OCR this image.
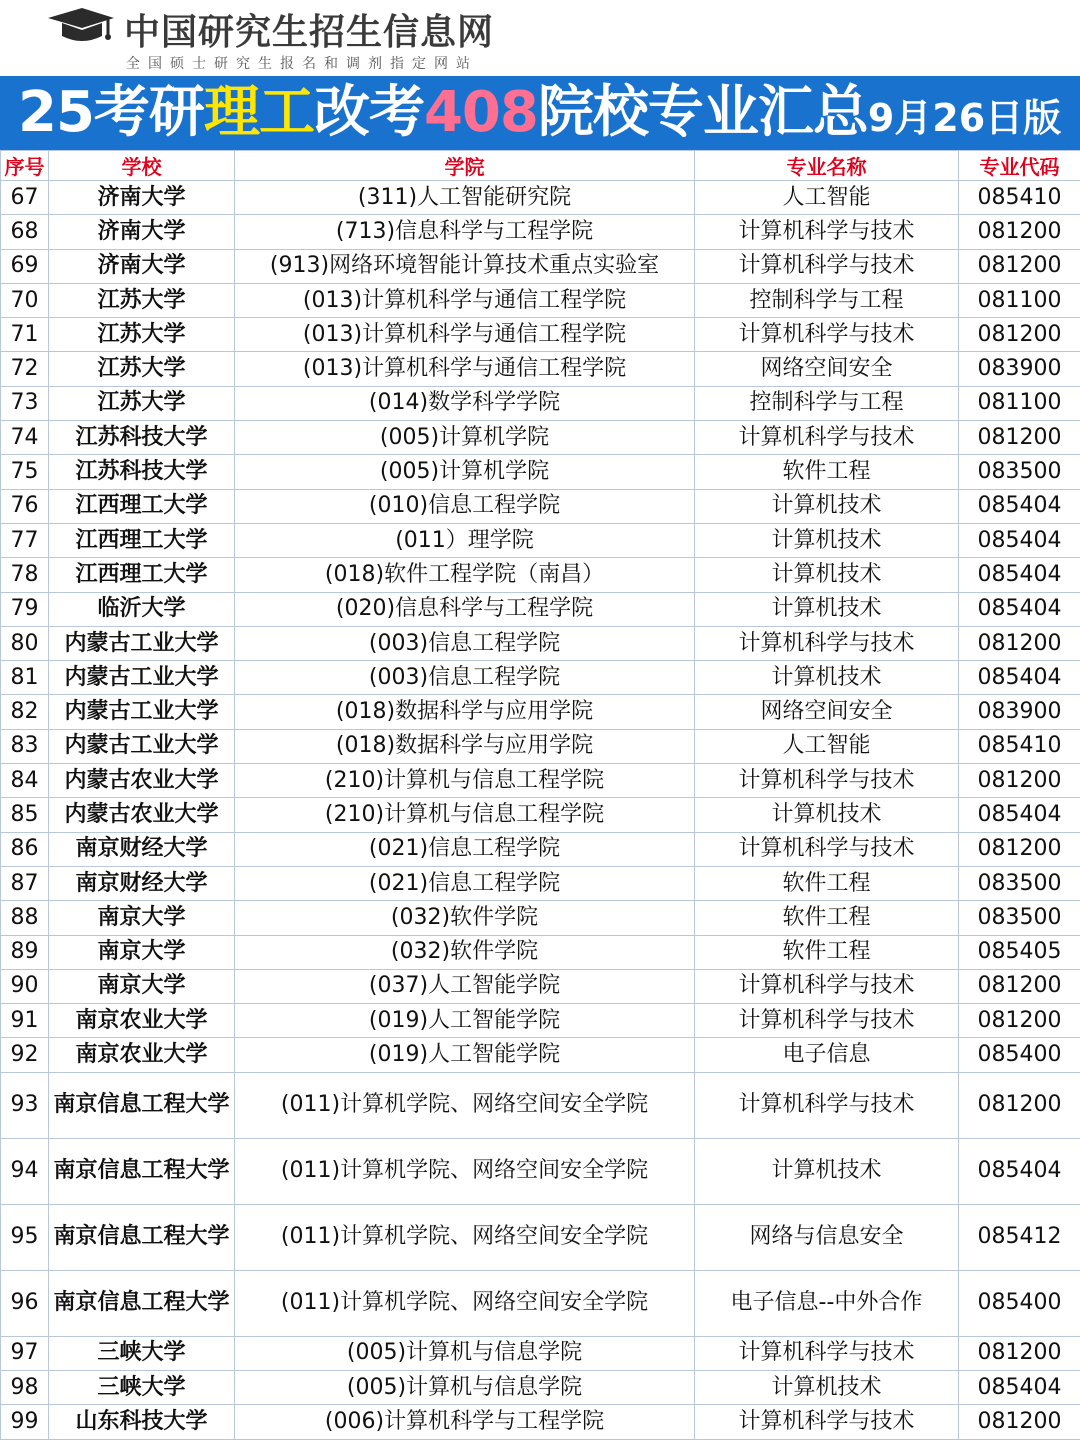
中国研究生招生信息网
全国硕士研究生报名和调剂指定网站
25考研理工改考408院校专业汇总9月26日版
序号	学校	学院	专业名称	专业代码
67	济南大学	(311)人工智能研究院	人工智能	085410
68	济南大学	(713)信息科学与工程学院	计算机科学与技术	081200
69	济南大学	(913)网络环境智能计算技术重点实验室	计算机科学与技术	081200
70	江苏大学	(013)计算机科学与通信工程学院	控制科学与工程	081100
71	江苏大学	(013)计算机科学与通信工程学院	计算机科学与技术	081200
72	江苏大学	(013)计算机科学与通信工程学院	网络空间安全	083900
73	江苏大学	(014)数学科学学院	控制科学与工程	081100
74	江苏科技大学	(005)计算机学院	计算机科学与技术	081200
75	江苏科技大学	(005)计算机学院	软件工程	083500
76	江西理工大学	(010)信息工程学院	计算机技术	085404
77	江西理工大学	(011）理学院	计算机技术	085404
78	江西理工大学	(018)软件工程学院（南昌）	计算机技术	085404
79	临沂大学	(020)信息科学与工程学院	计算机技术	085404
80	内蒙古工业大学	(003)信息工程学院	计算机科学与技术	081200
81	内蒙古工业大学	(003)信息工程学院	计算机技术	085404
82	内蒙古工业大学	(018)数据科学与应用学院	网络空间安全	083900
83	内蒙古工业大学	(018)数据科学与应用学院	人工智能	085410
84	内蒙古农业大学	(210)计算机与信息工程学院	计算机科学与技术	081200
85	内蒙古农业大学	(210)计算机与信息工程学院	计算机技术	085404
86	南京财经大学	(021)信息工程学院	计算机科学与技术	081200
87	南京财经大学	(021)信息工程学院	软件工程	083500
88	南京大学	(032)软件学院	软件工程	083500
89	南京大学	(032)软件学院	软件工程	085405
90	南京大学	(037)人工智能学院	计算机科学与技术	081200
91	南京农业大学	(019)人工智能学院	计算机科学与技术	081200
92	南京农业大学	(019)人工智能学院	电子信息	085400
93	南京信息工程大学	(011)计算机学院、网络空间安全学院	计算机科学与技术	081200
94	南京信息工程大学	(011)计算机学院、网络空间安全学院	计算机技术	085404
95	南京信息工程大学	(011)计算机学院、网络空间安全学院	网络与信息安全	085412
96	南京信息工程大学	(011)计算机学院、网络空间安全学院	电子信息--中外合作	085400
97	三峡大学	(005)计算机与信息学院	计算机科学与技术	081200
98	三峡大学	(005)计算机与信息学院	计算机技术	085404
99	山东科技大学	(006)计算机科学与工程学院	计算机科学与技术	081200
